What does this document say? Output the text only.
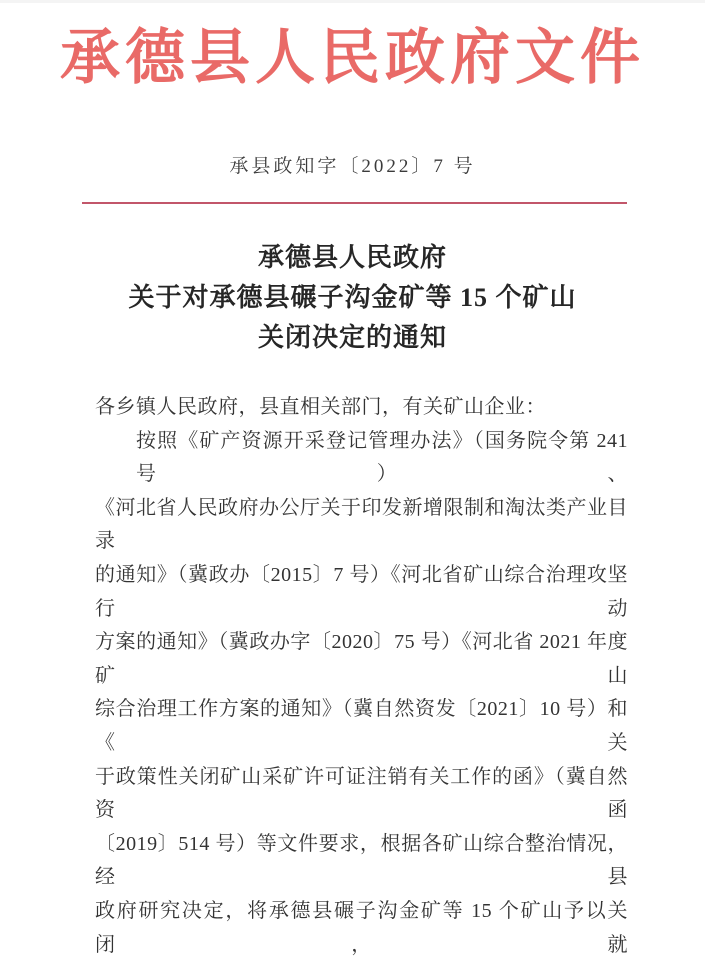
承德县人民政府文件
承县政知字〔2022〕7 号
承德县人民政府
关于对承德县碾子沟金矿等 15 个矿山
关闭决定的通知
各乡镇人民政府，县直相关部门，有关矿山企业：
按照《矿产资源开采登记管理办法》（国务院令第 241 号）、
《河北省人民政府办公厅关于印发新增限制和淘汰类产业目录
的通知》（冀政办〔2015〕7 号）《河北省矿山综合治理攻坚行动
方案的通知》（冀政办字〔2020〕75 号）《河北省 2021 年度矿山
综合治理工作方案的通知》（冀自然资发〔2021〕10 号）和《关
于政策性关闭矿山采矿许可证注销有关工作的函》（冀自然资函
〔2019〕514 号）等文件要求，根据各矿山综合整治情况，经县
政府研究决定，将承德县碾子沟金矿等 15 个矿山予以关闭，就
